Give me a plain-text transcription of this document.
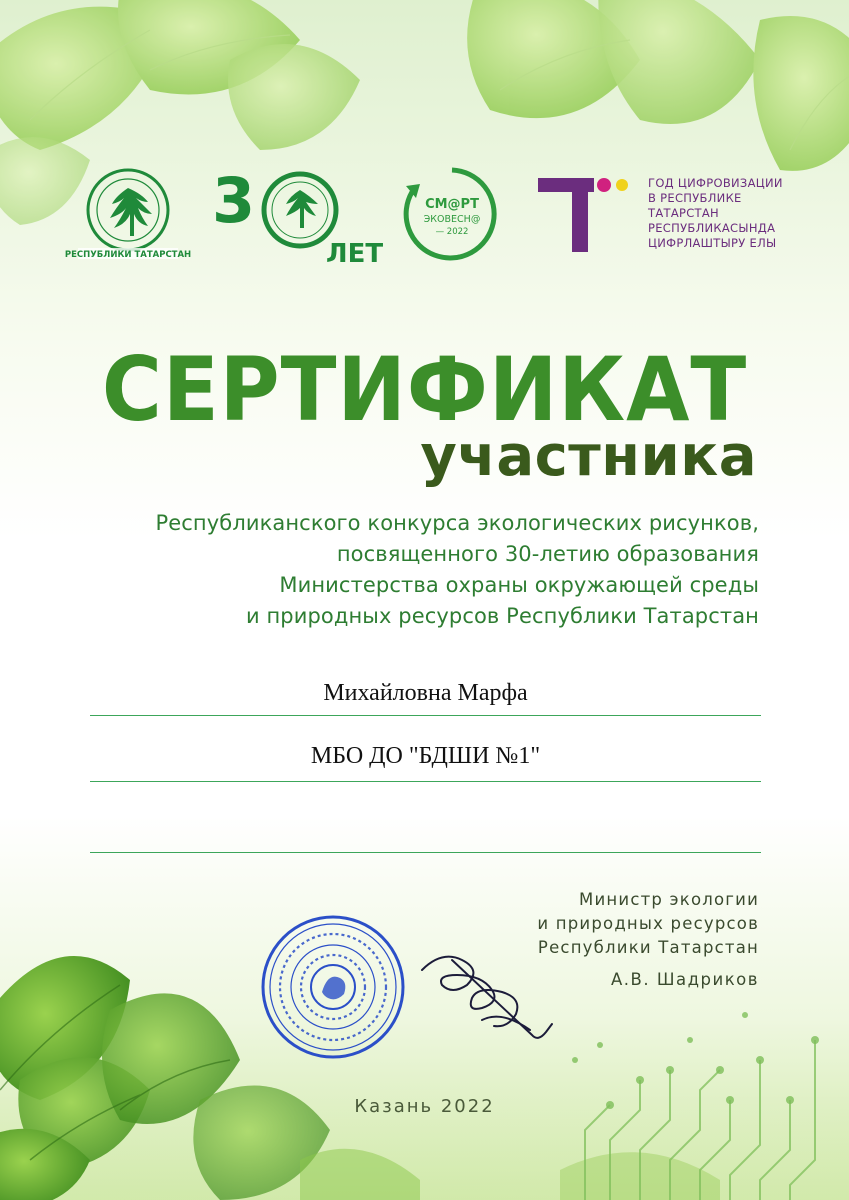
РЕСПУБЛИКИ ТАТАРСТАН
3
ЛЕТ
СМ@РТ
ЭКОВЕСН@
— 2022
ГОД ЦИФРОВИЗАЦИИ
В РЕСПУБЛИКЕ
ТАТАРСТАН
РЕСПУБЛИКАСЫНДА
ЦИФРЛАШТЫРУ ЕЛЫ
СЕРТИФИКАТ
участника
Республиканского конкурса экологических рисунков,
посвященного 30-летию образования
Министерства охраны окружающей среды
и природных ресурсов Республики Татарстан
Михайловна Марфа
МБО ДО "БДШИ №1"
Министр экологии
и природных ресурсов
Республики Татарстан
А.В. Шадриков
Казань 2022
